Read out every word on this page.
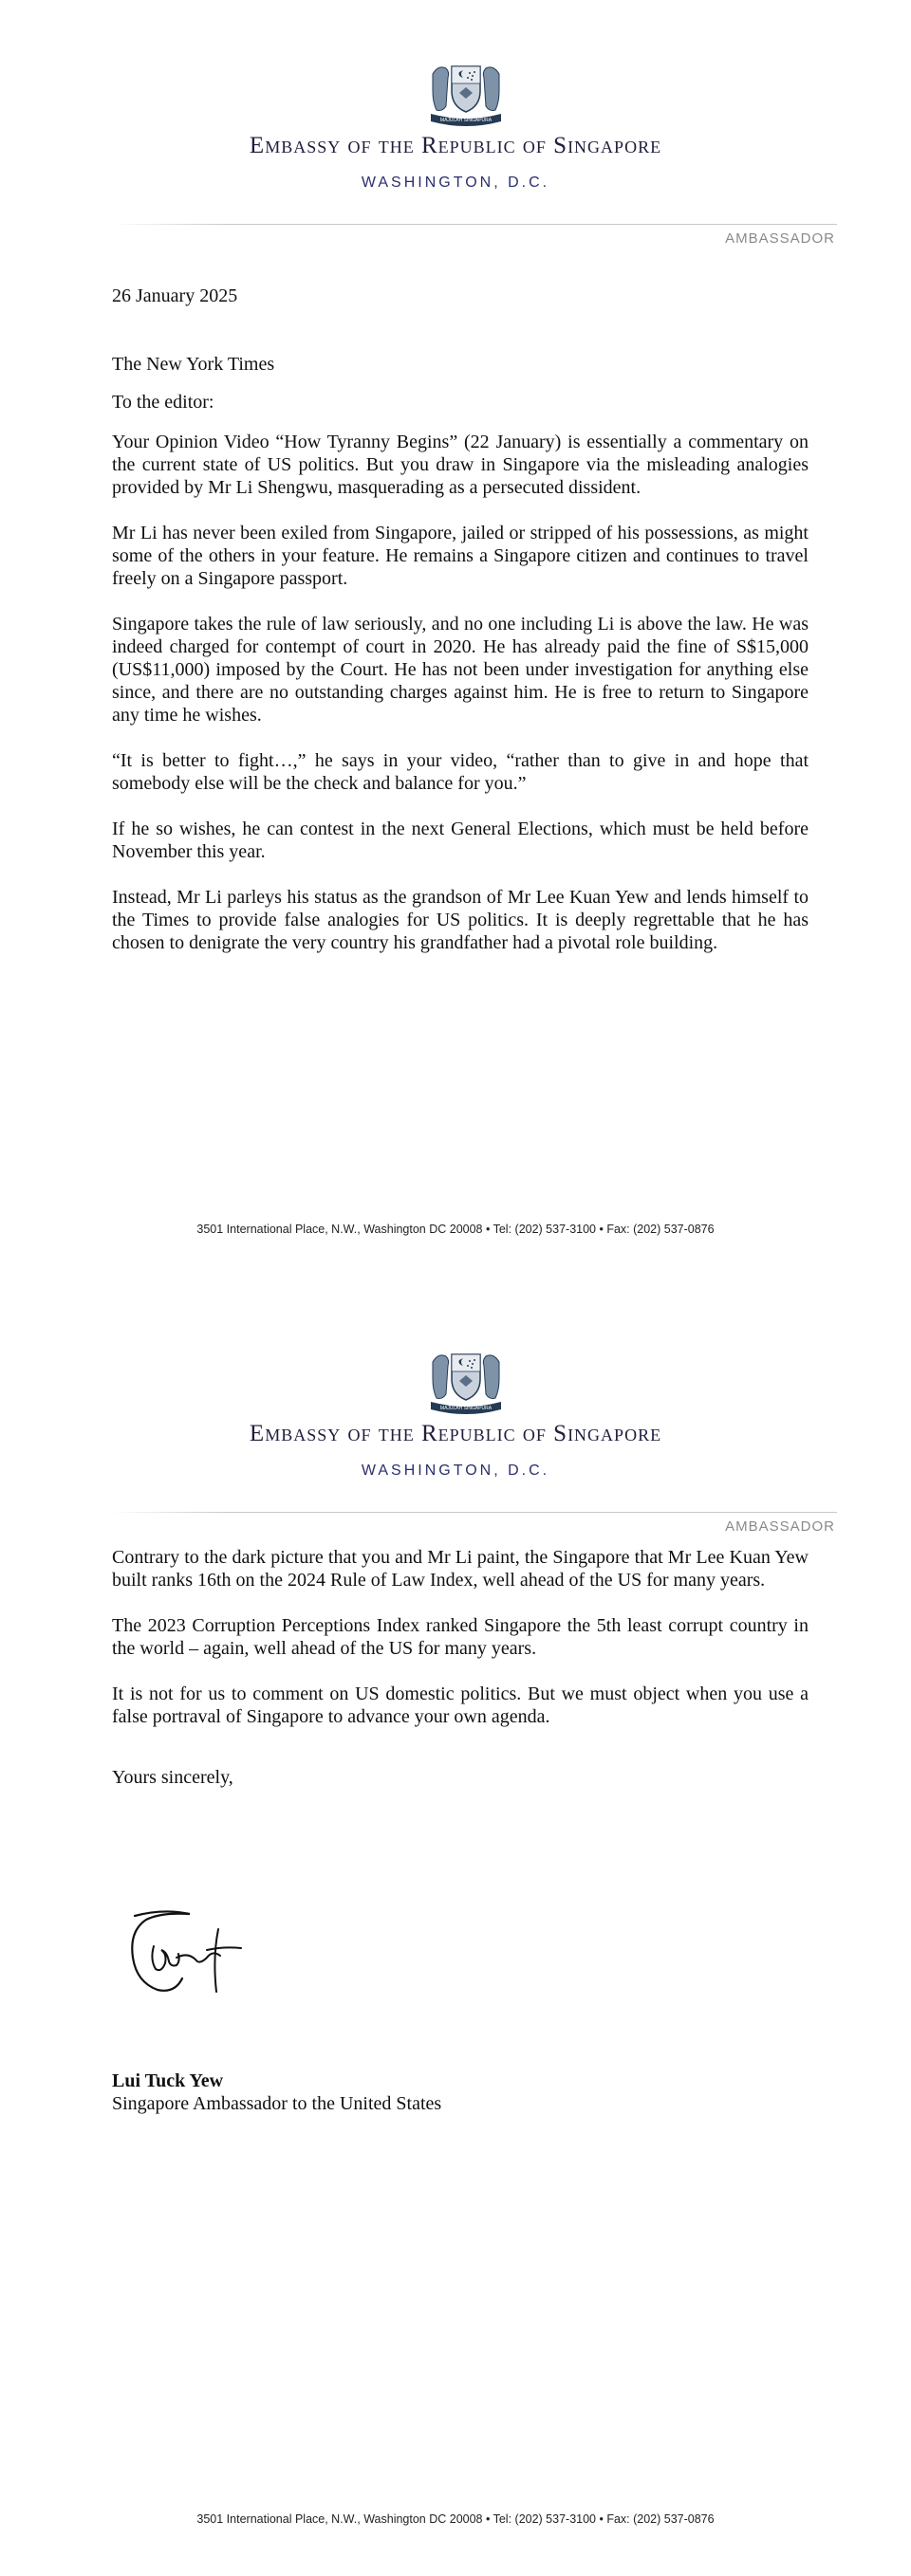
MAJULAH SINGAPURA
Embassy of the Republic of Singapore
WASHINGTON, D.C.
AMBASSADOR

26 January 2025

The New York Times

To the editor:

Your Opinion Video “How Tyranny Begins” (22 January) is essentially a commentary on the current state of US politics. But you draw in Singapore via the misleading analogies provided by Mr Li Shengwu, masquerading as a persecuted dissident.

Mr Li has never been exiled from Singapore, jailed or stripped of his possessions, as might some of the others in your feature. He remains a Singapore citizen and continues to travel freely on a Singapore passport.

Singapore takes the rule of law seriously, and no one including Li is above the law. He was indeed charged for contempt of court in 2020. He has already paid the fine of S$15,000 (US$11,000) imposed by the Court. He has not been under investigation for anything else since, and there are no outstanding charges against him. He is free to return to Singapore any time he wishes.

“It is better to fight…,” he says in your video, “rather than to give in and hope that somebody else will be the check and balance for you.”

If he so wishes, he can contest in the next General Elections, which must be held before November this year.

Instead, Mr Li parleys his status as the grandson of Mr Lee Kuan Yew and lends himself to the Times to provide false analogies for US politics. It is deeply regrettable that he has chosen to denigrate the very country his grandfather had a pivotal role building.

3501 International Place, N.W., Washington DC 20008 • Tel: (202) 537-3100 • Fax: (202) 537-0876
MAJULAH SINGAPURA
Embassy of the Republic of Singapore
WASHINGTON, D.C.
AMBASSADOR

Contrary to the dark picture that you and Mr Li paint, the Singapore that Mr Lee Kuan Yew built ranks 16th on the 2024 Rule of Law Index, well ahead of the US for many years.

The 2023 Corruption Perceptions Index ranked Singapore the 5th least corrupt country in the world – again, well ahead of the US for many years.

It is not for us to comment on US domestic politics. But we must object when you use a false portraval of Singapore to advance your own agenda.

Yours sincerely,

Lui Tuck Yew
Singapore Ambassador to the United States
3501 International Place, N.W., Washington DC 20008 • Tel: (202) 537-3100 • Fax: (202) 537-0876
